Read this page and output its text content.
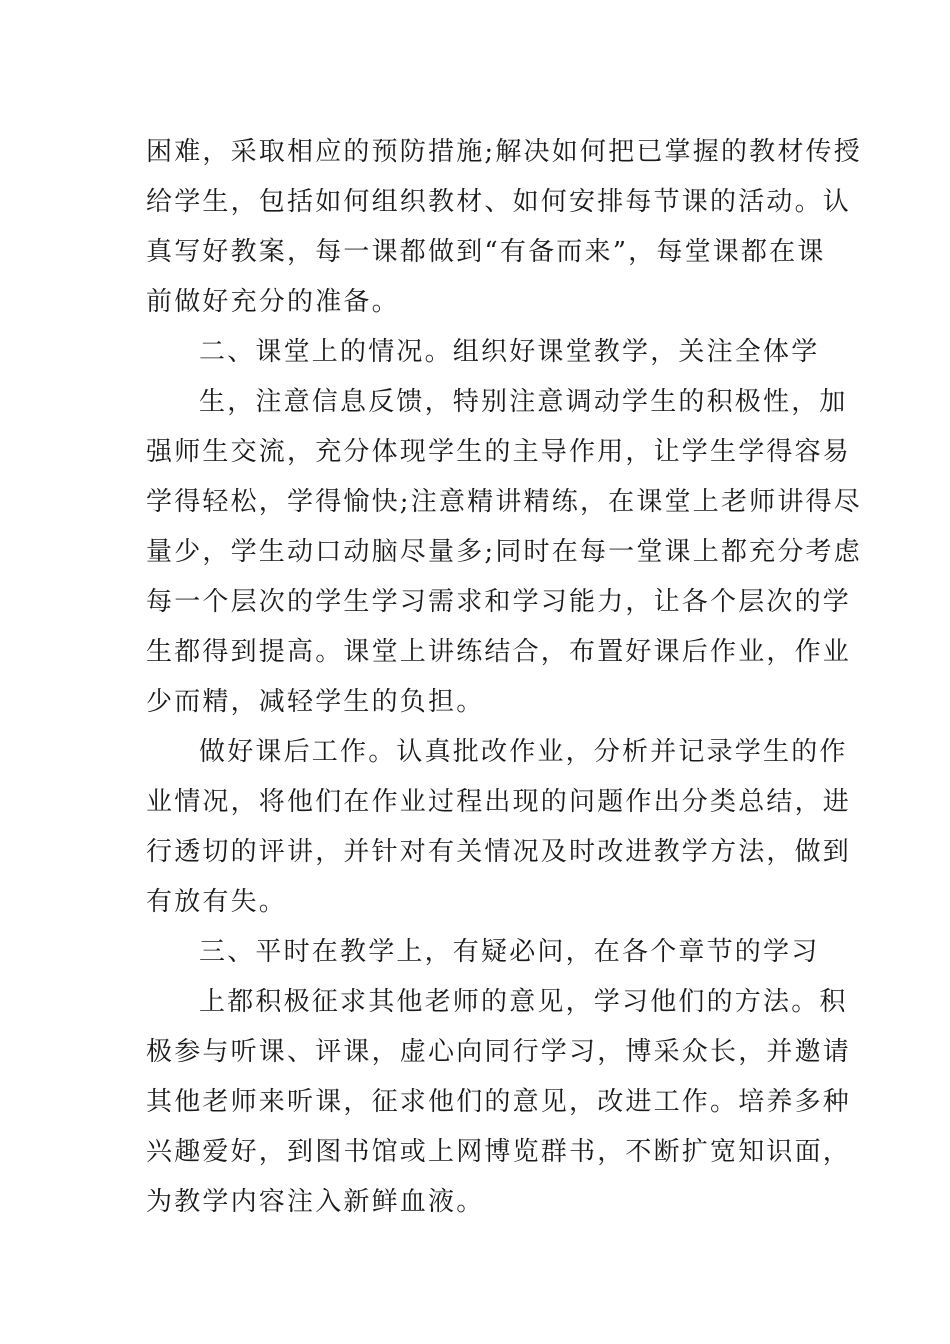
困难，采取相应的预防措施;解决如何把已掌握的教材传授
给学生，包括如何组织教材、如何安排每节课的活动。认
真写好教案，每一课都做到“有备而来”，每堂课都在课
前做好充分的准备。
二、课堂上的情况。组织好课堂教学，关注全体学
生，注意信息反馈，特别注意调动学生的积极性，加
强师生交流，充分体现学生的主导作用，让学生学得容易
学得轻松，学得愉快;注意精讲精练，在课堂上老师讲得尽
量少，学生动口动脑尽量多;同时在每一堂课上都充分考虑
每一个层次的学生学习需求和学习能力，让各个层次的学
生都得到提高。课堂上讲练结合，布置好课后作业，作业
少而精，减轻学生的负担。
做好课后工作。认真批改作业，分析并记录学生的作
业情况，将他们在作业过程出现的问题作出分类总结，进
行透切的评讲，并针对有关情况及时改进教学方法，做到
有放有失。
三、平时在教学上，有疑必问，在各个章节的学习
上都积极征求其他老师的意见，学习他们的方法。积
极参与听课、评课，虚心向同行学习，博采众长，并邀请
其他老师来听课，征求他们的意见，改进工作。培养多种
兴趣爱好，到图书馆或上网博览群书，不断扩宽知识面，
为教学内容注入新鲜血液。
